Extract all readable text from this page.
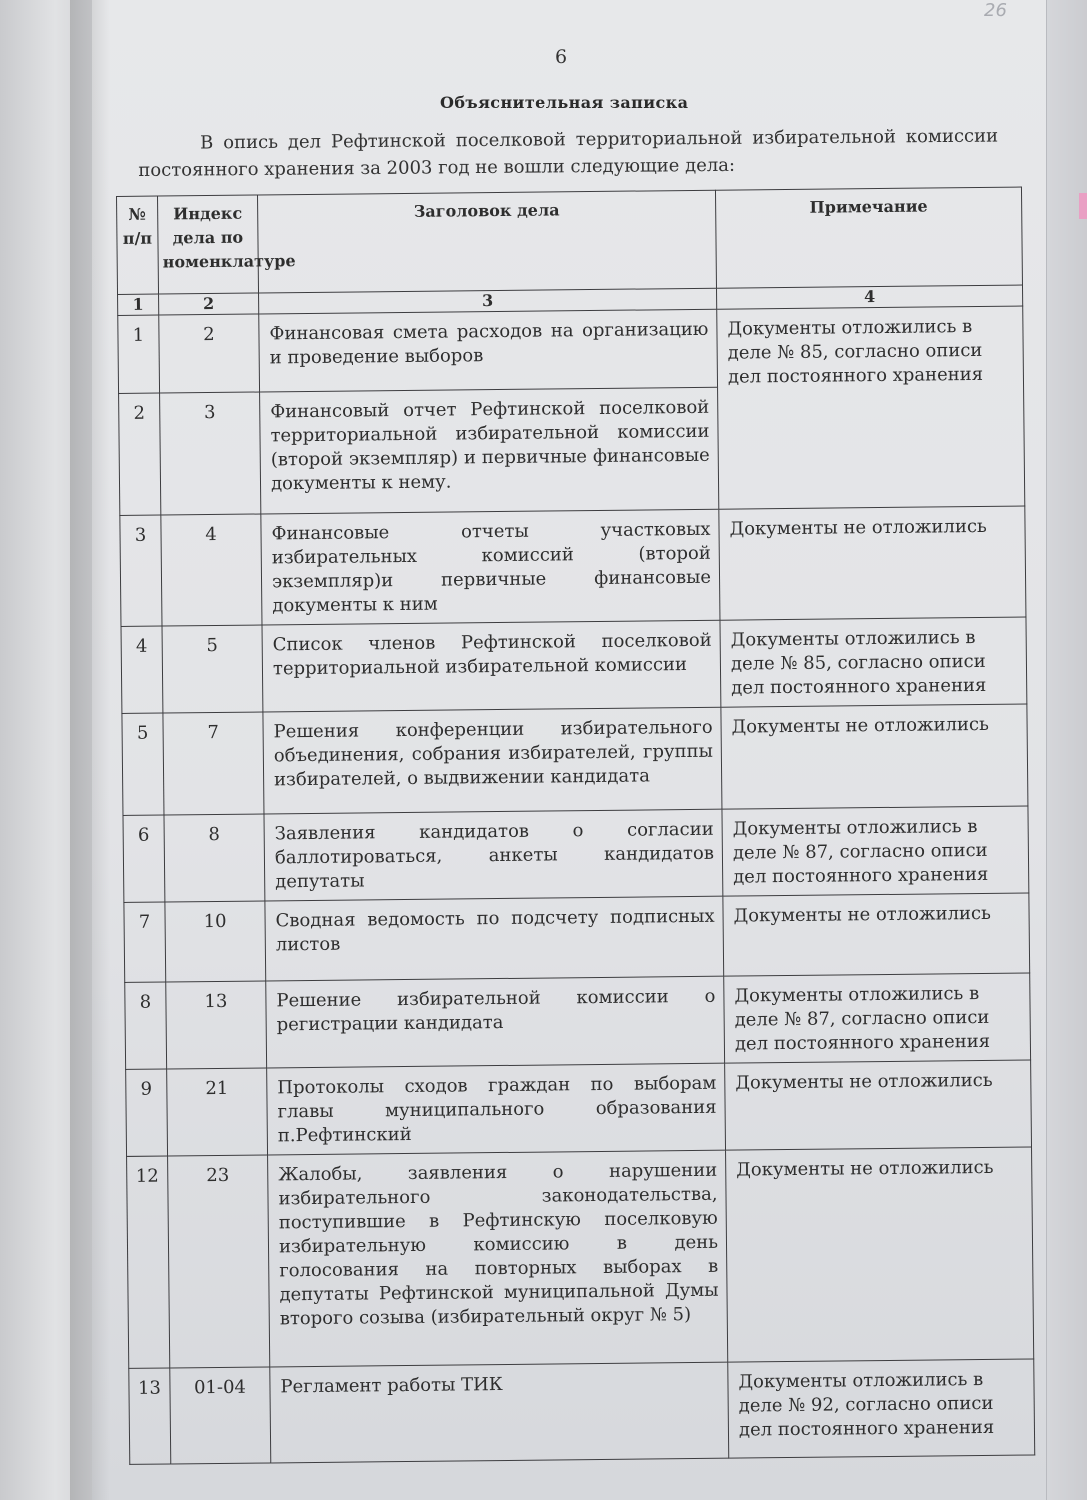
26
6
Объяснительная записка
В опись дел Рефтинской поселковой территориальной избирательной комиссии постоянного хранения за 2003 год не вошли следующие дела:
№ п/п	Индекс дела по номенклатуре	Заголовок дела	Примечание
1	2	3	4
1	2	Финансовая смета расходов на организацию и проведение выборов	Документы отложились в деле № 85, согласно описи дел постоянного хранения
2	3	Финансовый отчет Рефтинской поселковой территориальной избирательной комиссии (второй экземпляр) и первичные финансовые документы к нему.	
3	4	Финансовые отчеты участковых избирательных комиссий (второй экземпляр)и первичные финансовые документы к ним	Документы не отложились
4	5	Список членов Рефтинской поселковой территориальной избирательной комиссии	Документы отложились в деле № 85, согласно описи дел постоянного хранения
5	7	Решения конференции избирательного объединения, собрания избирателей, группы избирателей, о выдвижении кандидата	Документы не отложились
6	8	Заявления кандидатов о согласии баллотироваться, анкеты кандидатов депутаты	Документы отложились в деле № 87, согласно описи дел постоянного хранения
7	10	Сводная ведомость по подсчету подписных листов	Документы не отложились
8	13	Решение избирательной комиссии о регистрации кандидата	Документы отложились в деле № 87, согласно описи дел постоянного хранения
9	21	Протоколы сходов граждан по выборам главы муниципального образования п.Рефтинский	Документы не отложились
12	23	Жалобы, заявления о нарушении избирательного законодательства, поступившие в Рефтинскую поселковую избирательную комиссию в день голосования на повторных выборах в депутаты Рефтинской муниципальной Думы второго созыва (избирательный округ № 5)	Документы не отложились
13	01-04	Регламент работы ТИК	Документы отложились в деле № 92, согласно описи дел постоянного хранения
